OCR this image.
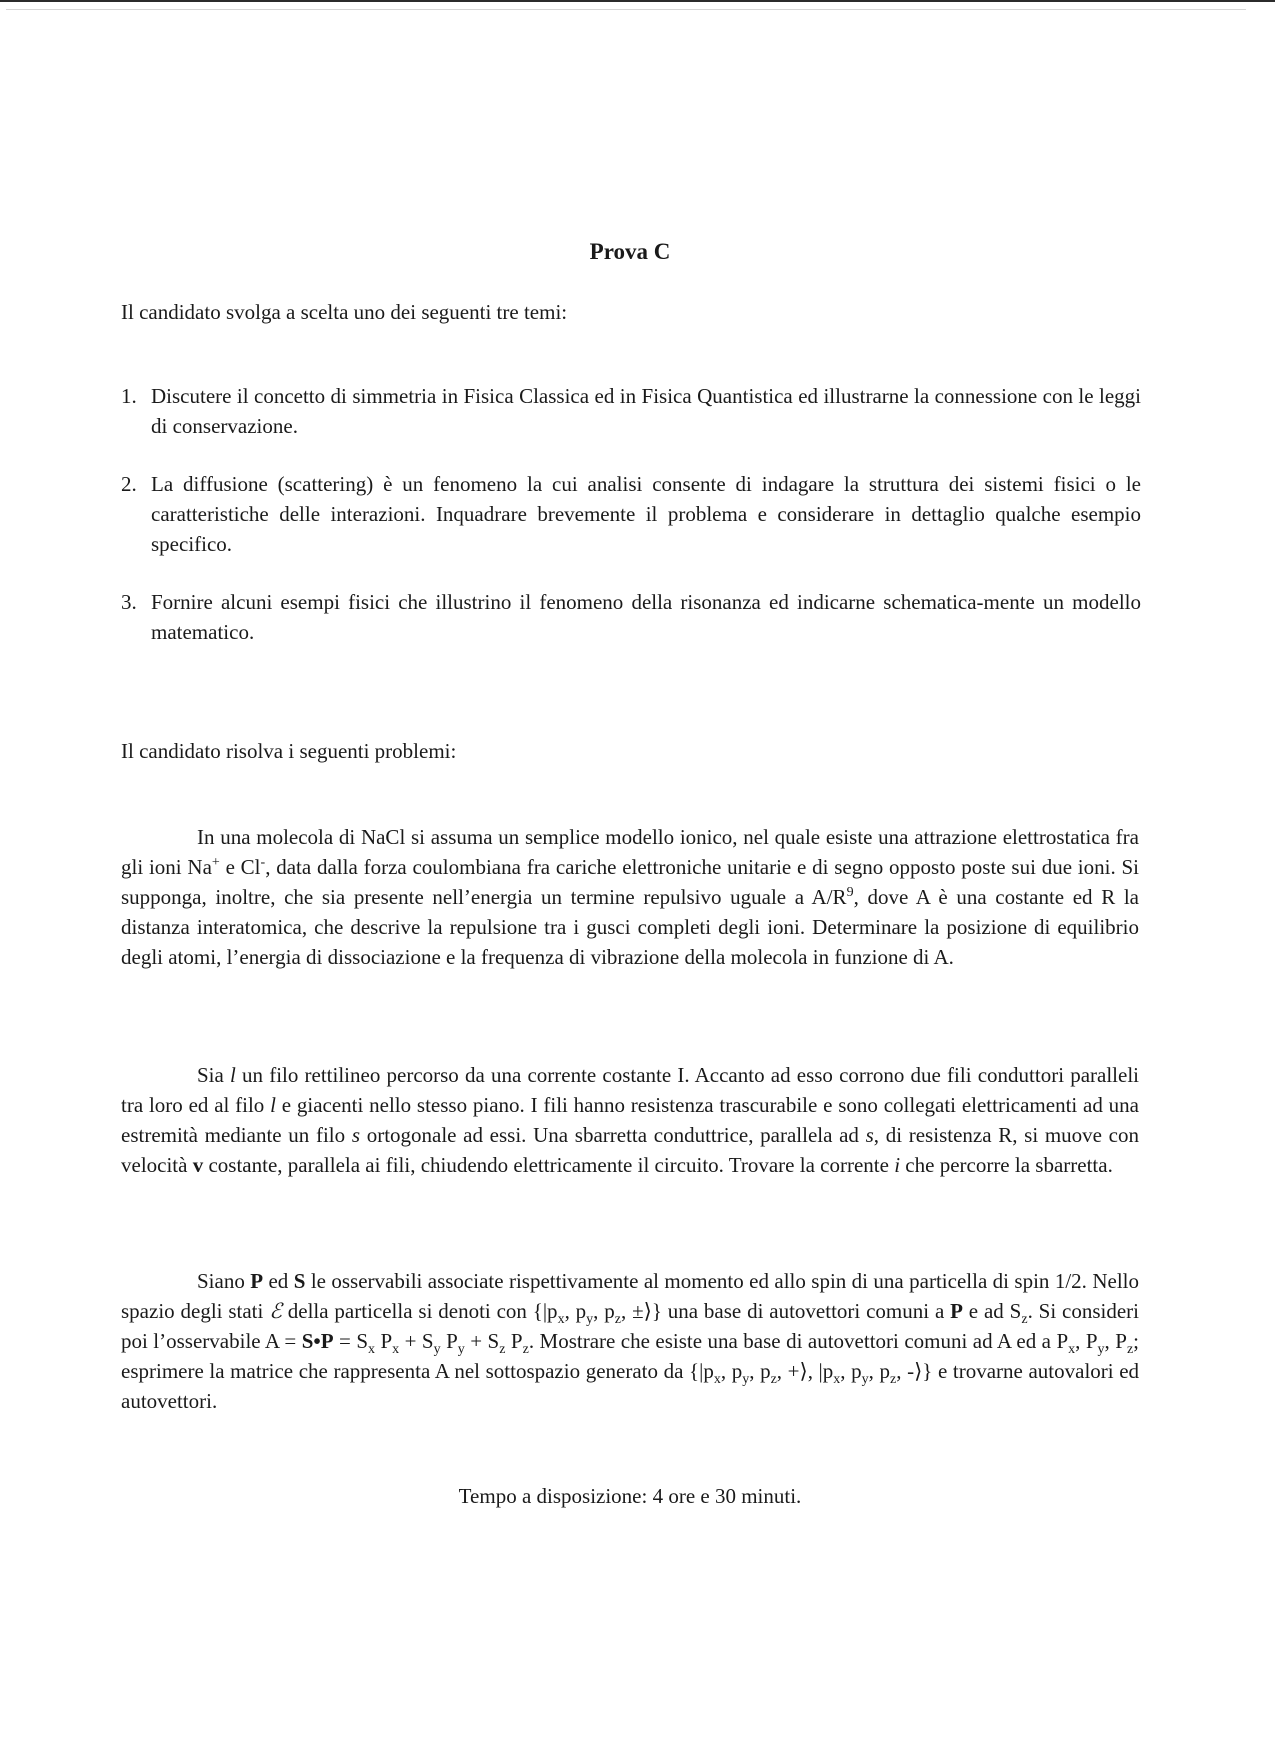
Prova C
Il candidato svolga a scelta uno dei seguenti tre temi:
1. Discutere il concetto di simmetria in Fisica Classica ed in Fisica Quantistica ed illustrarne la connessione con le leggi di conservazione.
2. La diffusione (scattering) è un fenomeno la cui analisi consente di indagare la struttura dei sistemi fisici o le caratteristiche delle interazioni. Inquadrare brevemente il problema e considerare in dettaglio qualche esempio specifico.
3. Fornire alcuni esempi fisici che illustrino il fenomeno della risonanza ed indicarne schematica-mente un modello matematico.
Il candidato risolva i seguenti problemi:
In una molecola di NaCl si assuma un semplice modello ionico, nel quale esiste una attrazione elettrostatica fra gli ioni Na+ e Cl-, data dalla forza coulombiana fra cariche elettroniche unitarie e di segno opposto poste sui due ioni. Si supponga, inoltre, che sia presente nell’energia un termine repulsivo uguale a $A/R^9$, dove A è una costante ed R la distanza interatomica, che descrive la repulsione tra i gusci completi degli ioni. Determinare la posizione di equilibrio degli atomi, l’energia di dissociazione e la frequenza di vibrazione della molecola in funzione di A.
Sia l un filo rettilineo percorso da una corrente costante I. Accanto ad esso corrono due fili conduttori paralleli tra loro ed al filo l e giacenti nello stesso piano. I fili hanno resistenza trascurabile e sono collegati elettricamenti ad una estremità mediante un filo s ortogonale ad essi. Una sbarretta conduttrice, parallela ad s, di resistenza R, si muove con velocità v costante, parallela ai fili, chiudendo elettricamente il circuito. Trovare la corrente i che percorre la sbarretta.
Siano P ed S le osservabili associate rispettivamente al momento ed allo spin di una particella di spin 1/2. Nello spazio degli stati ℰ della particella si denoti con {$|p_x$, $p_y$, $p_z$, ±⟩} una base di autovettori comuni a P e ad $S_z$. Si consideri poi l’osservabile A = S•P = $S_x$ $P_x + S_y$ $P_y + S_z$ $P_z$. Mostrare che esiste una base di autovettori comuni ad A ed a $P_x$, $P_y$, $P_z$; esprimere la matrice che rappresenta A nel sottospazio generato da {$|p_x$, $p_y$, $p_z$, +⟩, $|p_x$, $p_y$, $p_z$, -⟩} e trovarne autovalori ed autovettori.
Tempo a disposizione: 4 ore e 30 minuti.
